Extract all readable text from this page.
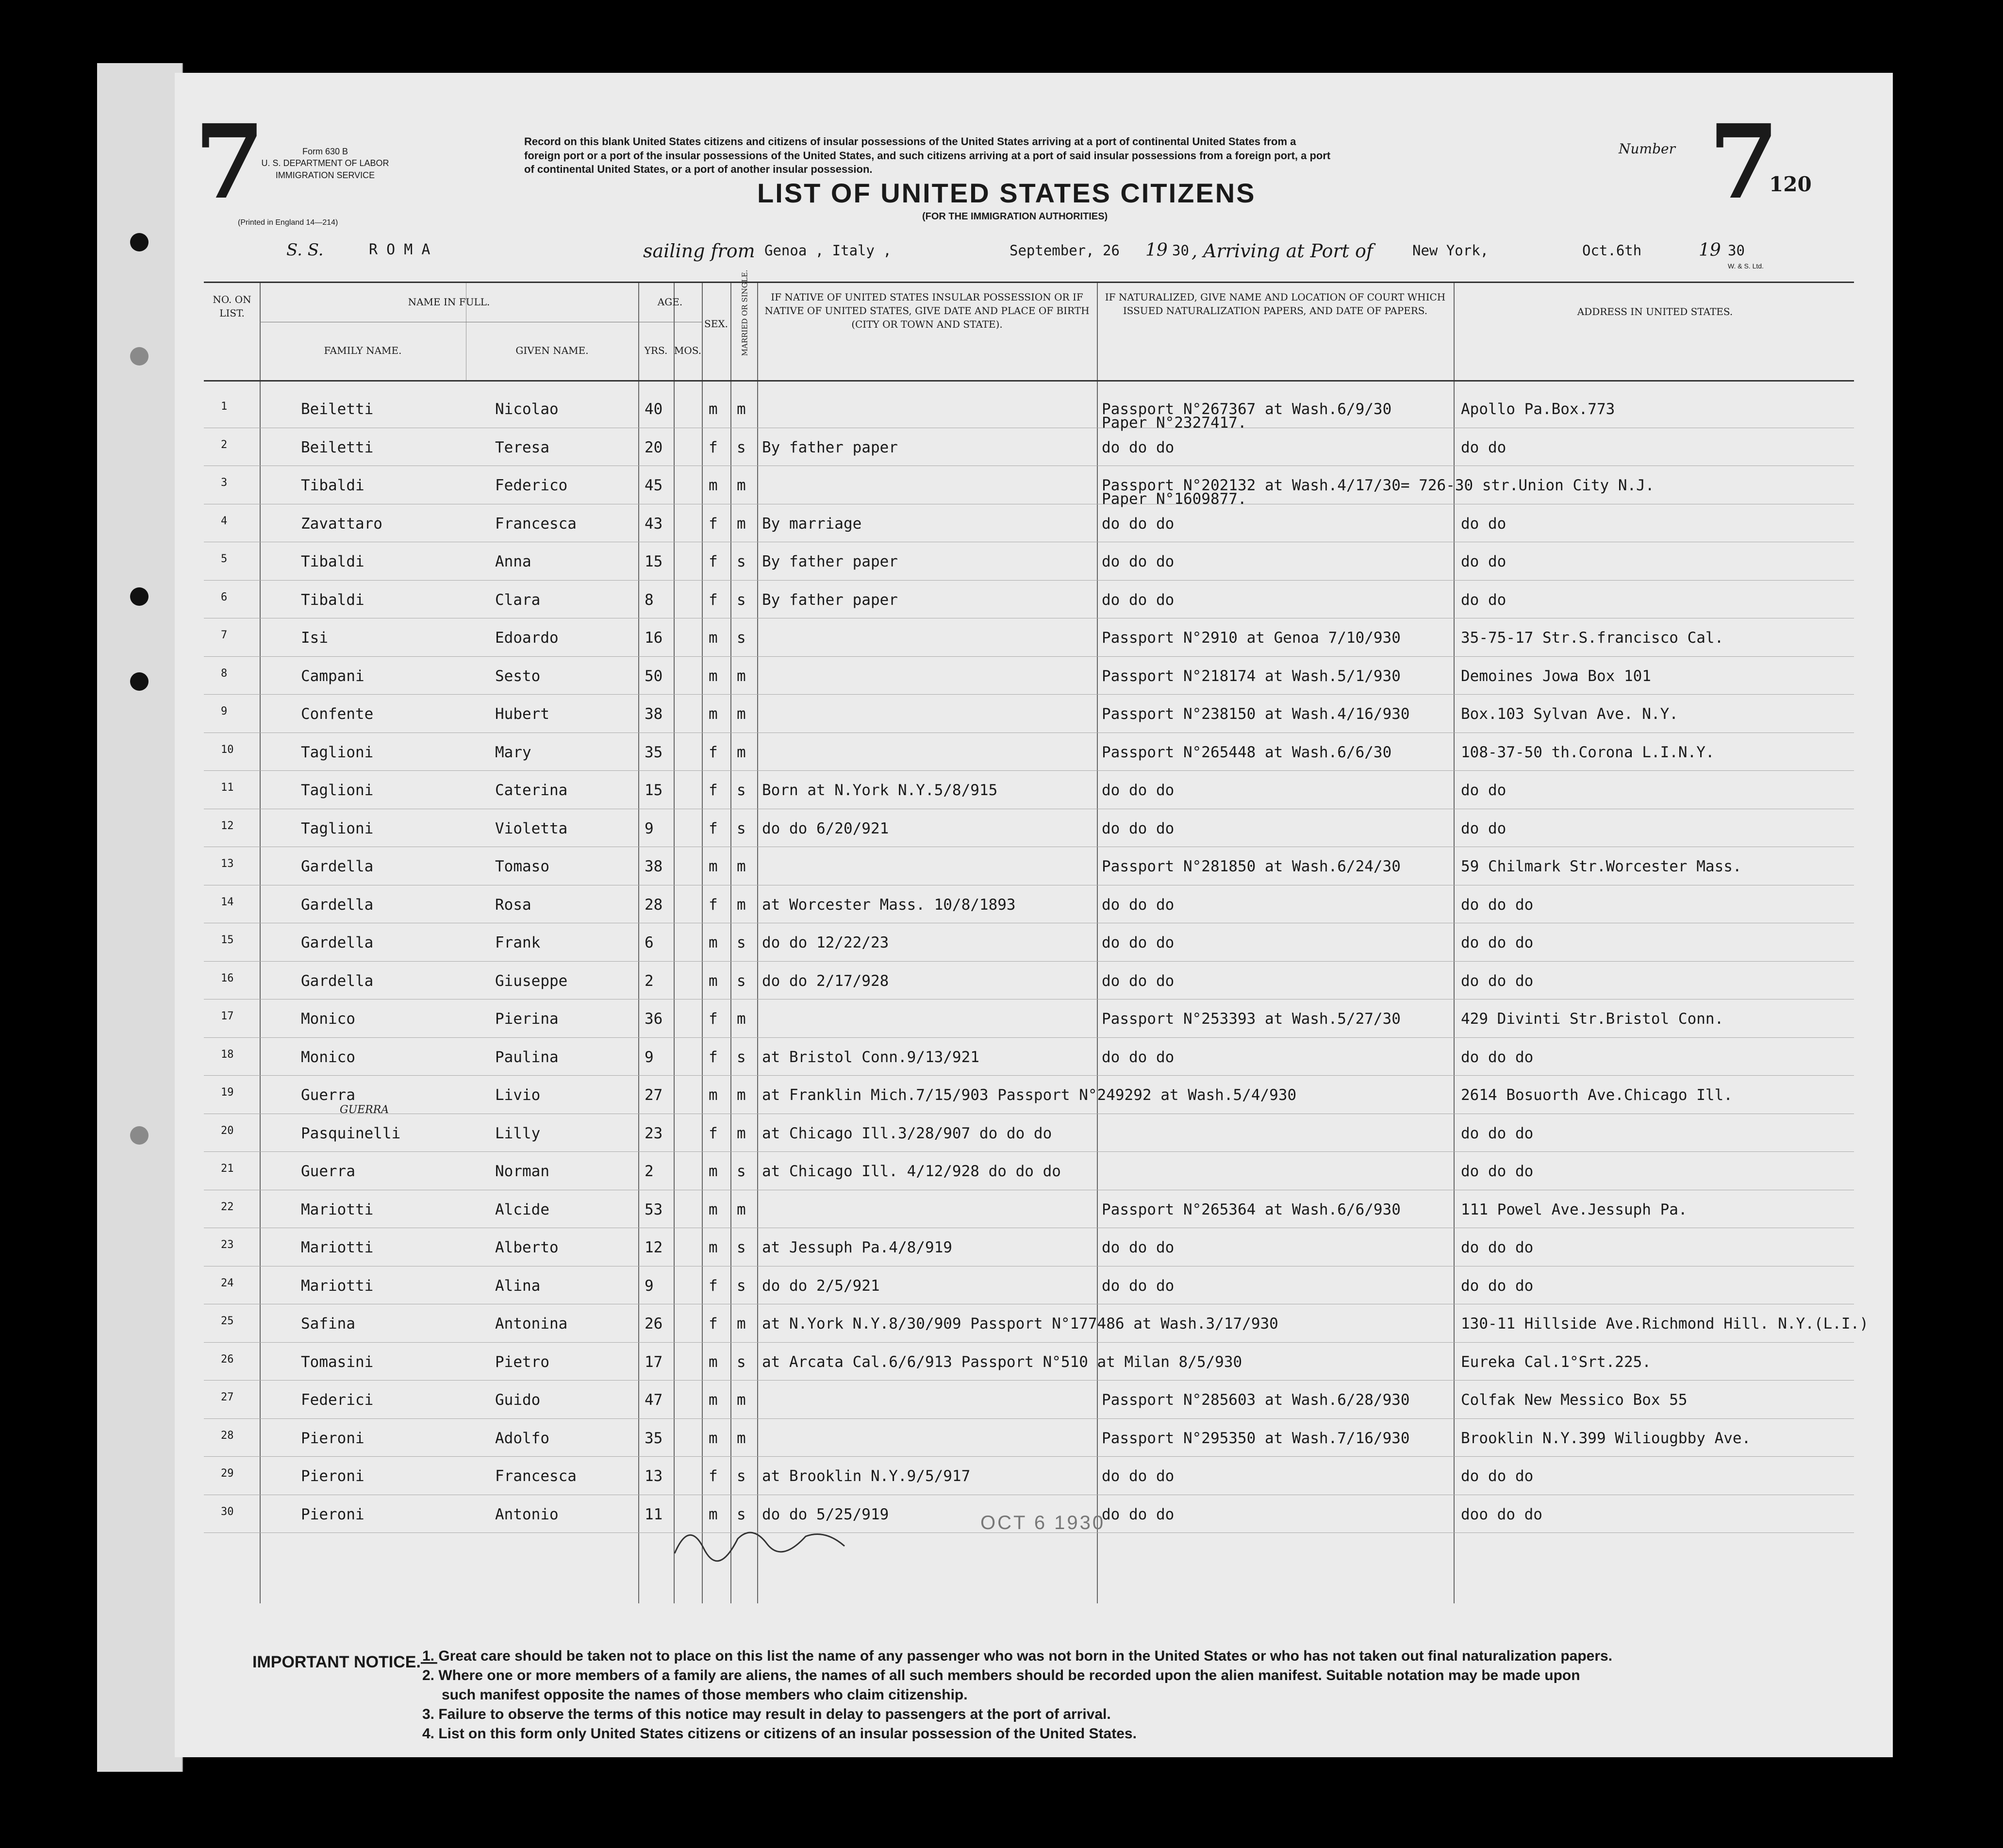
7	7
Form 630 B
U. S. DEPARTMENT OF LABOR
IMMIGRATION SERVICE
(Printed in England 14—214)
Record on this blank United States citizens and citizens of insular possessions of the United States arriving at a port of continental United States from a
foreign port or a port of the insular possessions of the United States, and such citizens arriving at a port of said insular possessions from a foreign port, a port
of continental United States, or a port of another insular possession.
LIST OF UNITED STATES CITIZENS
(FOR THE IMMIGRATION AUTHORITIES)
Number
120
S. S.	R O M A	sailing from Genoa , Italy ,	September, 26 19 30 , Arriving at Port of	New York,	Oct.6th	19 30
W. & S. Ltd.
NO. ON LIST.
NAME IN FULL.
FAMILY NAME.	GIVEN NAME.
AGE.
YRS. MOS.
SEX.	MARRIED OR SINGLE.	IF NATIVE OF UNITED STATES INSULAR POSSESSION OR IF NATIVE OF UNITED STATES, GIVE DATE AND PLACE OF BIRTH (CITY OR TOWN AND STATE).
IF NATURALIZED, GIVE NAME AND LOCATION OF COURT WHICH ISSUED NATURALIZATION PAPERS, AND DATE OF PAPERS.	ADDRESS IN UNITED STATES.
1	Beiletti	Nicolao	40	m m	Passport N°267367 at Wash.6/9/30	Apollo Pa.Box.773
Paper N°2327417.
2	Beiletti	Teresa	20	f s By father paper	do do do	do do
3	Tibaldi	Federico	45	m m	Passport N°202132 at Wash.4/17/30= 726-30 str.Union City N.J.
Paper N°1609877.
4	Zavattaro	Francesca	43	f m By marriage	do do do	do do
5	Tibaldi	Anna	15	f s By father paper	do do do	do do
6	Tibaldi	Clara	8	f s By father paper	do do do	do do
7	Isi	Edoardo	16	m s	Passport N°2910 at Genoa 7/10/930	35-75-17 Str.S.francisco Cal.
8	Campani	Sesto	50	m m	Passport N°218174 at Wash.5/1/930	Demoines Jowa Box 101
9	Confente	Hubert	38	m m	Passport N°238150 at Wash.4/16/930	Box.103 Sylvan Ave. N.Y.
10	Taglioni	Mary	35	f m	Passport N°265448 at Wash.6/6/30	108-37-50 th.Corona L.I.N.Y.
11	Taglioni	Caterina	15	f s Born at N.York N.Y.5/8/915	do do do	do do
12	Taglioni	Violetta	9	f s do do 6/20/921	do do do	do do
13	Gardella	Tomaso	38	m m	Passport N°281850 at Wash.6/24/30	59 Chilmark Str.Worcester Mass.
14	Gardella	Rosa	28	f m at Worcester Mass. 10/8/1893	do do do	do do do
15	Gardella	Frank	6	m s do do 12/22/23	do do do	do do do
16	Gardella	Giuseppe	2	m s do do 2/17/928	do do do	do do do
17	Monico	Pierina	36	f m	Passport N°253393 at Wash.5/27/30	429 Divinti Str.Bristol Conn.
18	Monico	Paulina	9	f s at Bristol Conn.9/13/921	do do do	do do do
19	Guerra	Livio	27	m m at Franklin Mich.7/15/903 Passport N°249292 at Wash.5/4/930	2614 Bosuorth Ave.Chicago Ill.
20	Pasquinelli	Lilly	23	f m at Chicago Ill.3/28/907 do do do	do do do
21	Guerra	Norman	2	m s at Chicago Ill. 4/12/928 do do do	do do do
22	Mariotti	Alcide	53	m m	Passport N°265364 at Wash.6/6/930	111 Powel Ave.Jessuph Pa.
23	Mariotti	Alberto	12	m s at Jessuph Pa.4/8/919	do do do	do do do
24	Mariotti	Alina	9	f s do do 2/5/921	do do do	do do do
25	Safina	Antonina	26	f m at N.York N.Y.8/30/909 Passport N°177486 at Wash.3/17/930	130-11 Hillside Ave.Richmond Hill. N.Y.(L.I.)
26	Tomasini	Pietro	17	m s at Arcata Cal.6/6/913 Passport N°510 at Milan 8/5/930	Eureka Cal.1°Srt.225.
27	Federici	Guido	47	m m	Passport N°285603 at Wash.6/28/930	Colfak New Messico Box 55
28	Pieroni	Adolfo	35	m m	Passport N°295350 at Wash.7/16/930	Brooklin N.Y.399 Wiliougbby Ave.
29	Pieroni	Francesca	13	f s at Brooklin N.Y.9/5/917	do do do	do do do
30	Pieroni	Antonio	11	m s do do 5/25/919	do do do	doo do do
GUERRA
OCT 6 1930
IMPORTANT NOTICE.—
1. Great care should be taken not to place on this list the name of any passenger who was not born in the United States or who has not taken out final naturalization papers.
2. Where one or more members of a family are aliens, the names of all such members should be recorded upon the alien manifest. Suitable notation may be made upon
such manifest opposite the names of those members who claim citizenship.
3. Failure to observe the terms of this notice may result in delay to passengers at the port of arrival.
4. List on this form only United States citizens or citizens of an insular possession of the United States.
